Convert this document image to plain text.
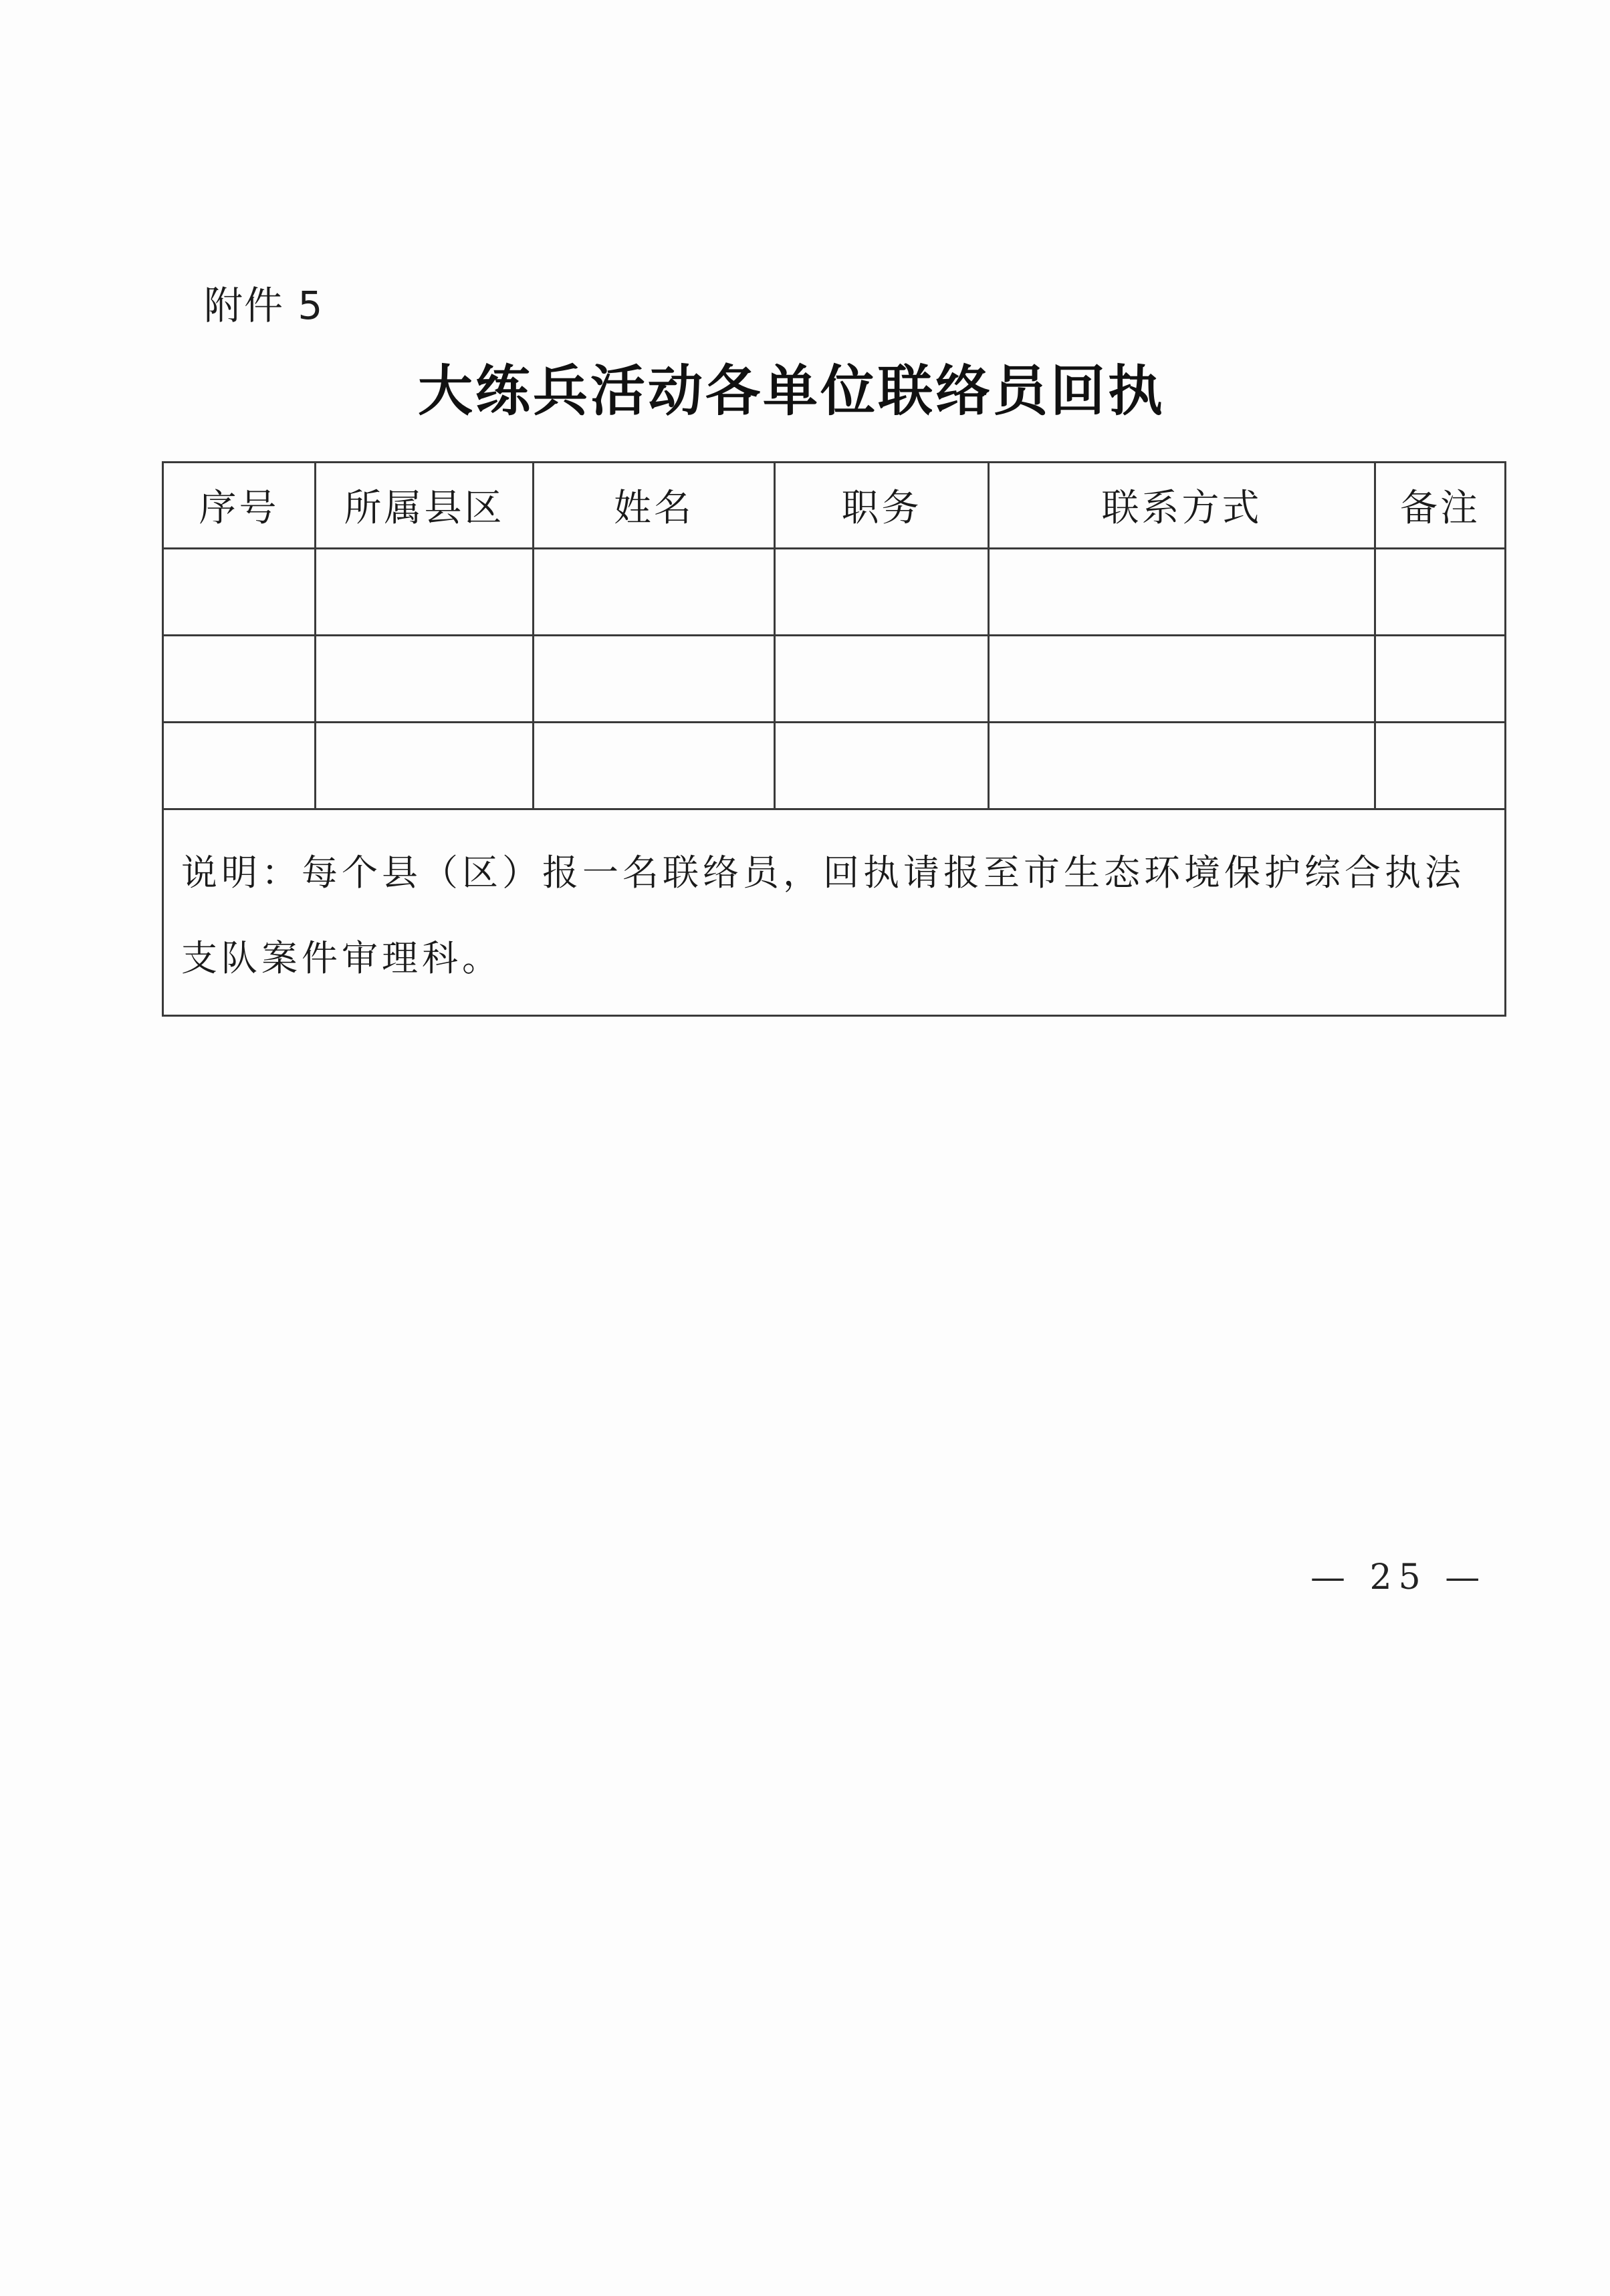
附件 5
大练兵活动各单位联络员回执
序号	所属县区	姓名	职务	联系方式	备注

说明：每个县（区）报一名联络员，回执请报至市生态环境保护综合执法支队案件审理科。					
— 25 —
